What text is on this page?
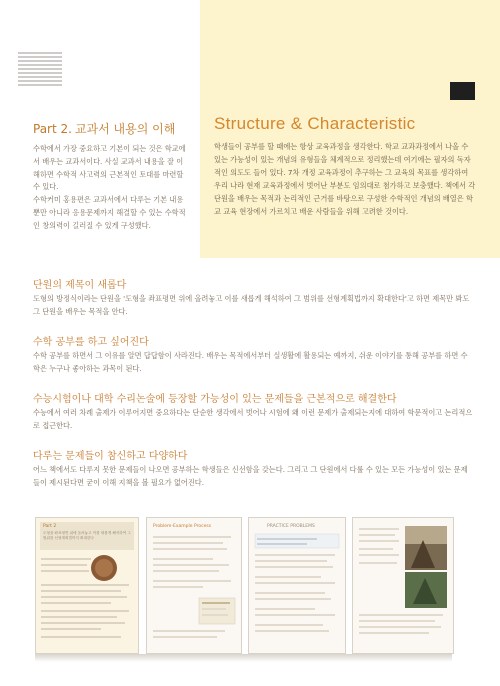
Part 2. 교과서 내용의 이해

수학에서 가장 중요하고 기본이 되는 것은 학교에서 배우는 교과서이다. 사실 교과서 내용을 잘 이해하면 수학적 사고력의 근본적인 토대를 마련할 수 있다.

수학커미 홍용편은 교과서에서 다루는 기본 내용뿐만 아니라 응용문제까지 해결할 수 있는 수학적인 창의력이 길러질 수 있게 구성했다.

Structure & Characteristic
학생들이 공부를 할 때에는 항상 교육과정을 생각한다. 학교 교과과정에서 나올 수 있는 가능성이 있는 개념의 유형들을 체계적으로 정리했는데 여기에는 필자의 독자적인 의도도 들어 있다. 7차 개정 교육과정이 추구하는 그 교육의 목표를 생각하여 우리 나라 현재 교육과정에서 벗어난 부분도 임의대로 첨가하고 보충했다. 책에서 각 단원을 배우는 목적과 논리적인 근거를 바탕으로 구성한 수학적인 개념의 배열은 학교 교육 현장에서 가르치고 배운 사람들을 위해 고려한 것이다.
단원의 제목이 새롭다
도형의 방정식이라는 단원을 '도형을 좌표평면 위에 올려놓고 이를 새롭게 해석하여 그 범위를 선형계획법까지 확대한다'고 하면 제목만 봐도 그 단원을 배우는 목적을 안다.
수학 공부를 하고 싶어진다
수학 공부를 하면서 그 이유를 알면 답답함이 사라진다. 배우는 목적에서부터 실생활에 활용되는 예까지, 쉬운 이야기를 통해 공부를 하면 수학은 누구나 좋아하는 과목이 된다.
수능시험이나 대학 수리논술에 등장할 가능성이 있는 문제들을 근본적으로 해결한다
수능에서 여러 차례 출제가 이루어지면 중요하다는 단순한 생각에서 벗어나 시험에 왜 이런 문제가 출제되는지에 대하여 학문적이고 논리적으로 접근한다.
다루는 문제들이 참신하고 다양하다
어느 책에서도 다루지 못한 문제들이 나오면 공부하는 학생들은 신선함을 갖는다. 그리고 그 단원에서 다룰 수 있는 모든 가능성이 있는 문제들이 제시된다면 굳이 이해 지책을 볼 필요가 없어진다.
Part 2
도형을 좌표평면 위에 올려놓고 이를 새롭게 해석하여 그 범위를 선형계획법까지 확대한다
Problem-Example Process	PRACTICE PROBLEMS
